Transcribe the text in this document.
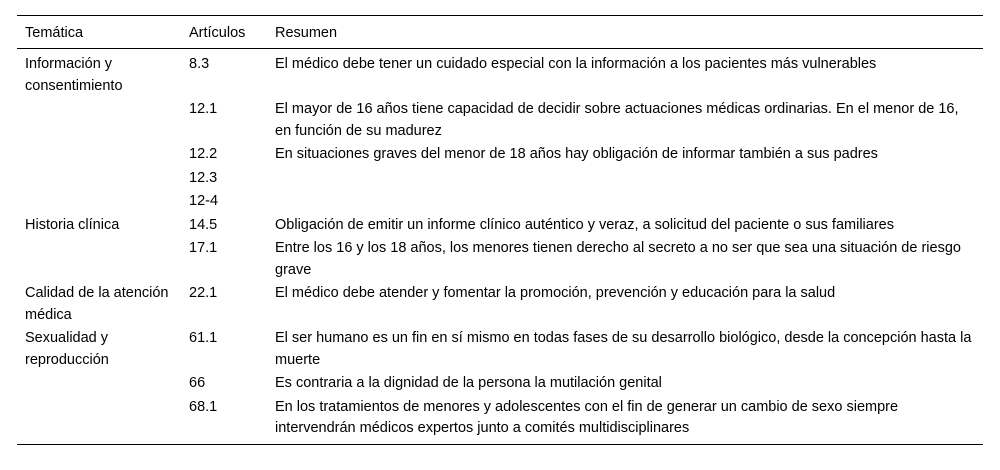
Temática	Artículos	Resumen
Información y consentimiento	8.3	El médico debe tener un cuidado especial con la información a los pacientes más vulnerables
	12.1	El mayor de 16 años tiene capacidad de decidir sobre actuaciones médicas ordinarias. En el menor de 16, en función de su madurez
	12.2	En situaciones graves del menor de 18 años hay obligación de informar también a sus padres
	12.3	
	12-4	
Historia clínica	14.5	Obligación de emitir un informe clínico auténtico y veraz, a solicitud del paciente o sus familiares
	17.1	Entre los 16 y los 18 años, los menores tienen derecho al secreto a no ser que sea una situación de riesgo grave
Calidad de la atención médica	22.1	El médico debe atender y fomentar la promoción, prevención y educación para la salud
Sexualidad y reproducción	61.1	El ser humano es un fin en sí mismo en todas fases de su desarrollo biológico, desde la concepción hasta la muerte
	66	Es contraria a la dignidad de la persona la mutilación genital
	68.1	En los tratamientos de menores y adolescentes con el fin de generar un cambio de sexo siempre intervendrán médicos expertos junto a comités multidisciplinares
